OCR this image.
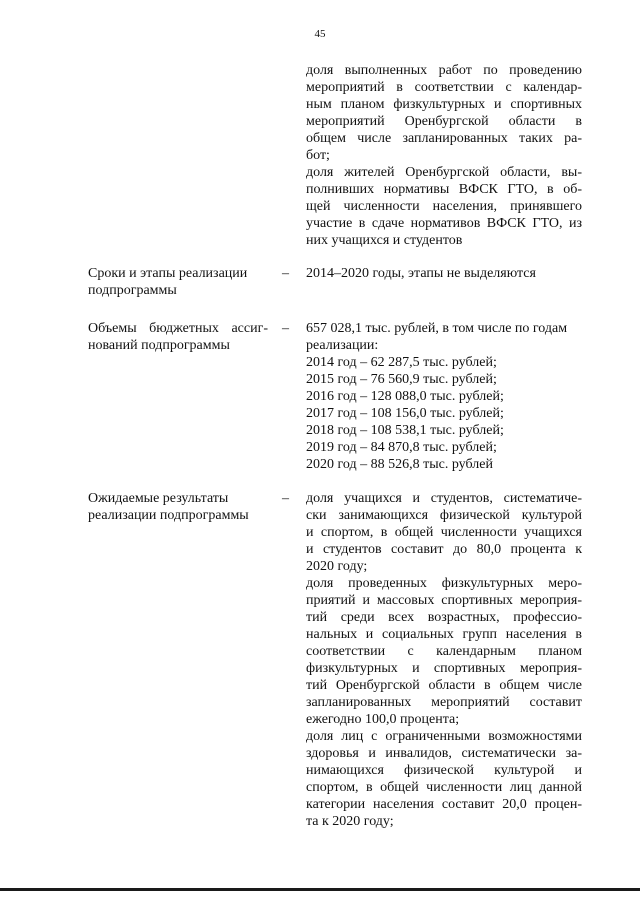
45
доля выполненных работ по проведению
мероприятий в соответствии с календар-
ным планом физкультурных и спортивных
мероприятий Оренбургской области в
общем числе запланированных таких ра-
бот;
доля жителей Оренбургской области, вы-
полнивших нормативы ВФСК ГТО, в об-
щей численности населения, принявшего
участие в сдаче нормативов ВФСК ГТО, из
них учащихся и студентов
Сроки и этапы реализации
подпрограммы
– 2014–2020 годы, этапы не выделяются
Объемы бюджетных ассиг-
нований подпрограммы
– 657 028,1 тыс. рублей, в том числе по годам
реализации:
2014 год – 62 287,5 тыс. рублей;
2015 год – 76 560,9 тыс. рублей;
2016 год – 128 088,0 тыс. рублей;
2017 год – 108 156,0 тыс. рублей;
2018 год – 108 538,1 тыс. рублей;
2019 год – 84 870,8 тыс. рублей;
2020 год – 88 526,8 тыс. рублей
Ожидаемые результаты
реализации подпрограммы
– доля учащихся и студентов, систематиче-
ски занимающихся физической культурой
и спортом, в общей численности учащихся
и студентов составит до 80,0 процента к
2020 году;
доля проведенных физкультурных меро-
приятий и массовых спортивных мероприя-
тий среди всех возрастных, профессио-
нальных и социальных групп населения в
соответствии с календарным планом
физкультурных и спортивных мероприя-
тий Оренбургской области в общем числе
запланированных мероприятий составит
ежегодно 100,0 процента;
доля лиц с ограниченными возможностями
здоровья и инвалидов, систематически за-
нимающихся физической культурой и
спортом, в общей численности лиц данной
категории населения составит 20,0 процен-
та к 2020 году;
